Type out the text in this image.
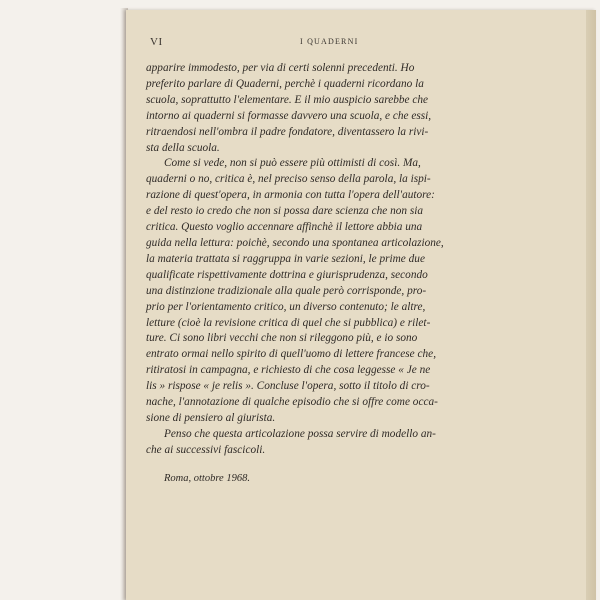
VI	I QUADERNI
apparire immodesto, per via di certi solenni precedenti. Ho
preferito parlare di Quaderni, perchè i quaderni ricordano la
scuola, soprattutto l'elementare. E il mio auspicio sarebbe che
intorno ai quaderni si formasse davvero una scuola, e che essi,
ritraendosi nell'ombra il padre fondatore, diventassero la rivi-
sta della scuola.
Come si vede, non si può essere più ottimisti di così. Ma,
quaderni o no, critica è, nel preciso senso della parola, la ispi-
razione di quest'opera, in armonia con tutta l'opera dell'autore:
e del resto io credo che non si possa dare scienza che non sia
critica. Questo voglio accennare affinchè il lettore abbia una
guida nella lettura: poichè, secondo una spontanea articolazione,
la materia trattata si raggruppa in varie sezioni, le prime due
qualificate rispettivamente dottrina e giurisprudenza, secondo
una distinzione tradizionale alla quale però corrisponde, pro-
prio per l'orientamento critico, un diverso contenuto; le altre,
letture (cioè la revisione critica di quel che si pubblica) e rilet-
ture. Ci sono libri vecchi che non si rileggono più, e io sono
entrato ormai nello spirito di quell'uomo di lettere francese che,
ritiratosi in campagna, e richiesto di che cosa leggesse « Je ne
lis » rispose « je relis ». Concluse l'opera, sotto il titolo di cro-
nache, l'annotazione di qualche episodio che si offre come occa-
sione di pensiero al giurista.
Penso che questa articolazione possa servire di modello an-
che ai successivi fascicoli.
Roma, ottobre 1968.
